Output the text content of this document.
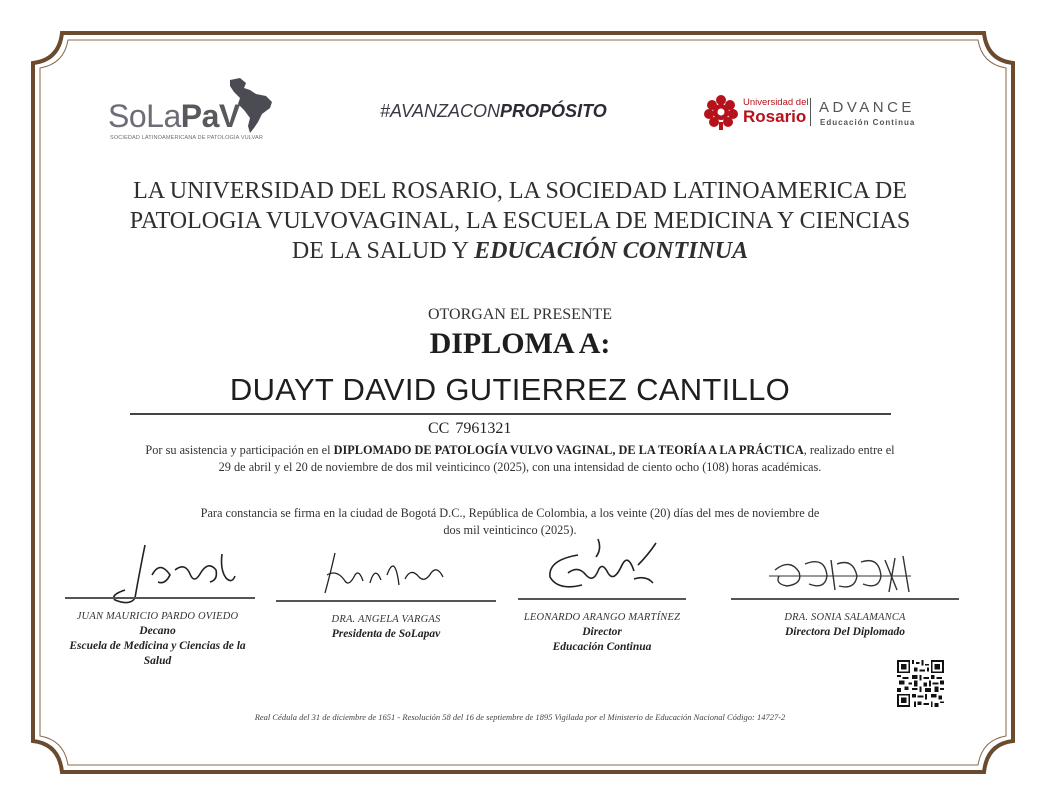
SoLaPaV
SOCIEDAD LATINOAMERICANA DE PATOLOGÍA VULVAR
#AVANZACONPROPÓSITO	Universidad del
Rosario ADVANCE
Educación Continua
LA UNIVERSIDAD DEL ROSARIO, LA SOCIEDAD LATINOAMERICA DE PATOLOGIA VULVOVAGINAL, LA ESCUELA DE MEDICINA Y CIENCIAS DE LA SALUD Y EDUCACIÓN CONTINUA
OTORGAN EL PRESENTE
DIPLOMA A:
DUAYT DAVID GUTIERREZ CANTILLO
CC 7961321
Por su asistencia y participación en el DIPLOMADO DE PATOLOGÍA VULVO VAGINAL, DE LA TEORÍA A LA PRÁCTICA, realizado entre el 29 de abril y el 20 de noviembre de dos mil veinticinco (2025), con una intensidad de ciento ocho (108) horas académicas.
Para constancia se firma en la ciudad de Bogotá D.C., República de Colombia, a los veinte (20) días del mes de noviembre de dos mil veinticinco (2025).
JUAN MAURICIO PARDO OVIEDO
Decano
Escuela de Medicina y Ciencias de la Salud
DRA. ANGELA VARGAS
Presidenta de SoLapav
LEONARDO ARANGO MARTÍNEZ
Director
Educación Continua
DRA. SONIA SALAMANCA
Directora Del Diplomado
Real Cédula del 31 de diciembre de 1651 - Resolución 58 del 16 de septiembre de 1895 Vigilada por el Ministerio de Educación Nacional Código: 14727-2
